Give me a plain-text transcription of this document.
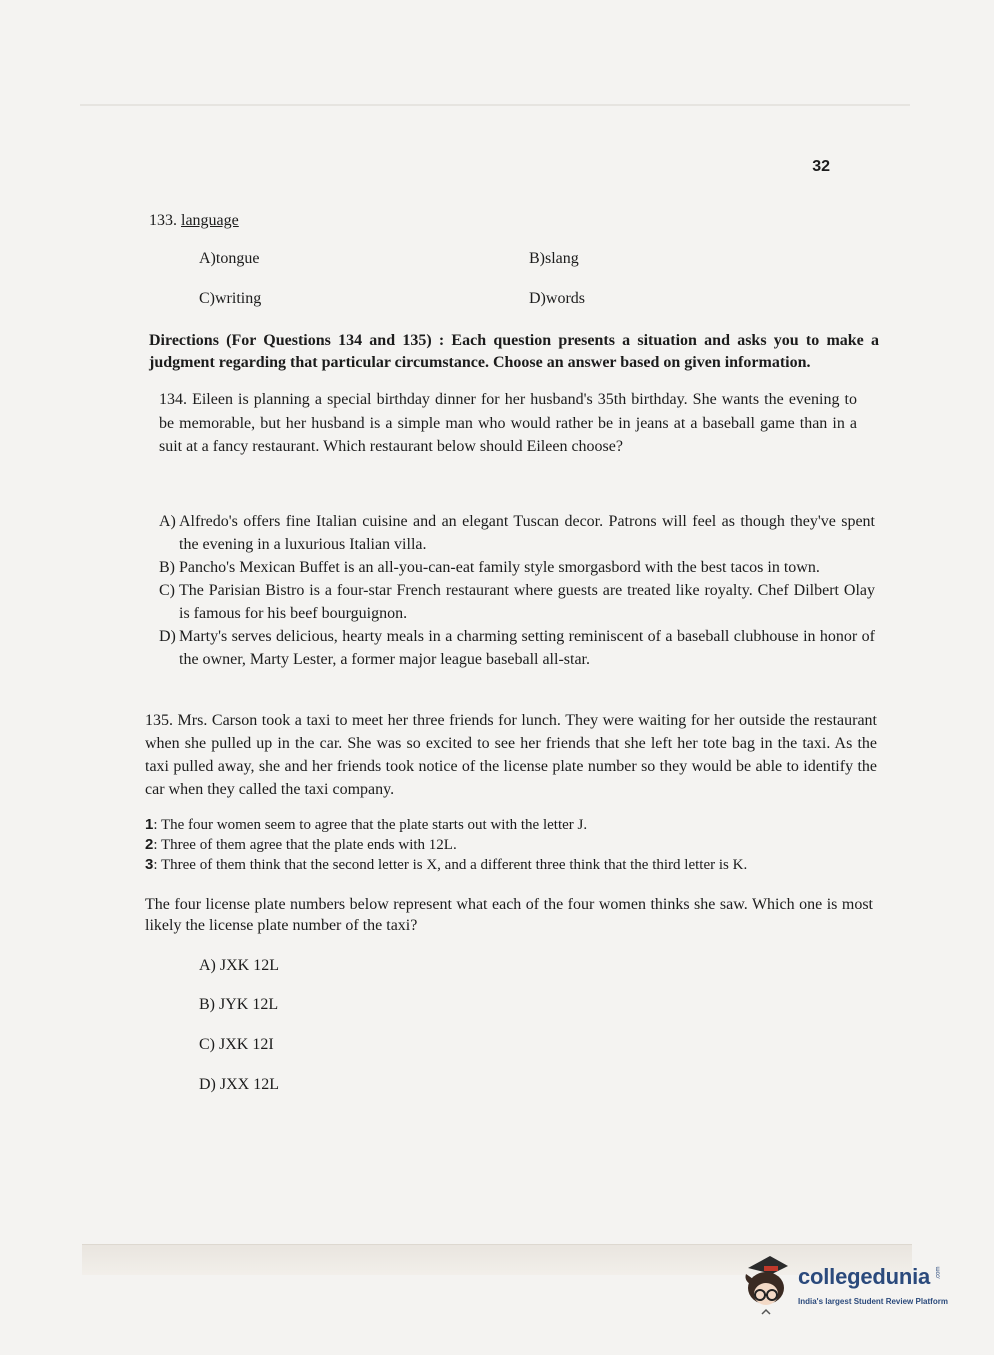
32
133. language
A)tongue	B)slang
C)writing	D)words
Directions (For Questions 134 and 135) : Each question presents a situation and asks you to make a judgment regarding that particular circumstance. Choose an answer based on given information.
134. Eileen is planning a special birthday dinner for her husband's 35th birthday. She wants the evening to be memorable, but her husband is a simple man who would rather be in jeans at a baseball game than in a suit at a fancy restaurant. Which restaurant below should Eileen choose?
A) Alfredo's offers fine Italian cuisine and an elegant Tuscan decor. Patrons will feel as though they've spent the evening in a luxurious Italian villa.
B) Pancho's Mexican Buffet is an all-you-can-eat family style smorgasbord with the best tacos in town.
C) The Parisian Bistro is a four-star French restaurant where guests are treated like royalty. Chef Dilbert Olay is famous for his beef bourguignon.
D) Marty's serves delicious, hearty meals in a charming setting reminiscent of a baseball clubhouse in honor of the owner, Marty Lester, a former major league baseball all-star.
135. Mrs. Carson took a taxi to meet her three friends for lunch. They were waiting for her outside the restaurant when she pulled up in the car. She was so excited to see her friends that she left her tote bag in the taxi. As the taxi pulled away, she and her friends took notice of the license plate number so they would be able to identify the car when they called the taxi company.
1: The four women seem to agree that the plate starts out with the letter J.
2: Three of them agree that the plate ends with 12L.
3: Three of them think that the second letter is X, and a different three think that the third letter is K.
The four license plate numbers below represent what each of the four women thinks she saw. Which one is most likely the license plate number of the taxi?
A) JXK 12L
B) JYK 12L
C) JXK 12I
D) JXX 12L
collegedunia .com
India's largest Student Review Platform
